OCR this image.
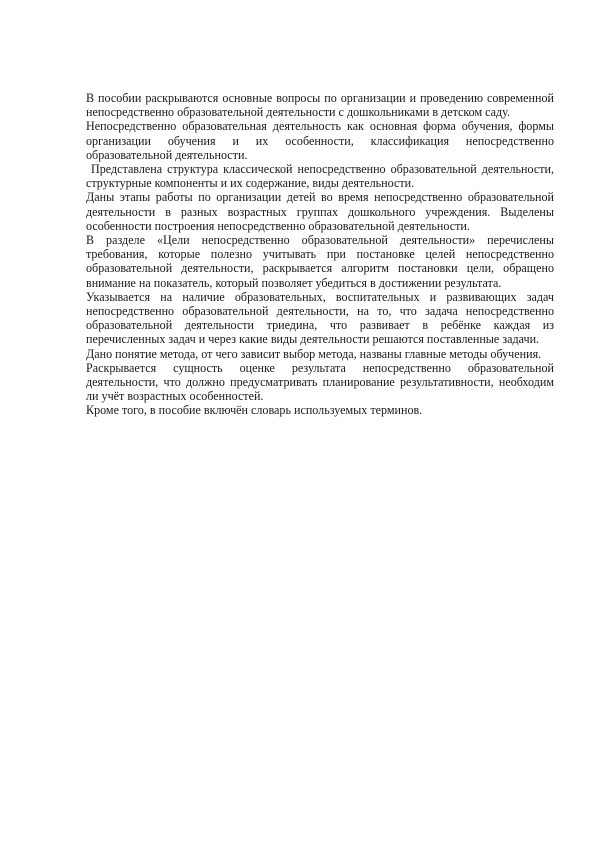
В пособии раскрываются основные вопросы по организации и проведению современной непосредственно образовательной деятельности с дошкольниками в детском саду.

Непосредственно образовательная деятельность как основная форма обучения, формы организации обучения и их особенности, классификация непосредственно образовательной деятельности.

Представлена структура классической непосредственно образовательной деятельности, структурные компоненты и их содержание, виды деятельности.

Даны этапы работы по организации детей во время непосредственно образовательной деятельности в разных возрастных группах дошкольного учреждения. Выделены особенности построения непосредственно образовательной деятельности.

В разделе «Цели непосредственно образовательной деятельности» перечислены требования, которые полезно учитывать при постановке целей непосредственно образовательной деятельности, раскрывается алгоритм постановки цели, обращено внимание на показатель, который позволяет убедиться в достижении результата.

Указывается на наличие образовательных, воспитательных и развивающих задач непосредственно образовательной деятельности, на то, что задача непосредственно образовательной деятельности триедина, что развивает в ребёнке каждая из перечисленных задач и через какие виды деятельности решаются поставленные задачи.

Дано понятие метода, от чего зависит выбор метода, названы главные методы обучения.

Раскрывается сущность оценке результата непосредственно образовательной деятельности, что должно предусматривать планирование результативности, необходим ли учёт возрастных особенностей.

Кроме того, в пособие включён словарь используемых терминов.
